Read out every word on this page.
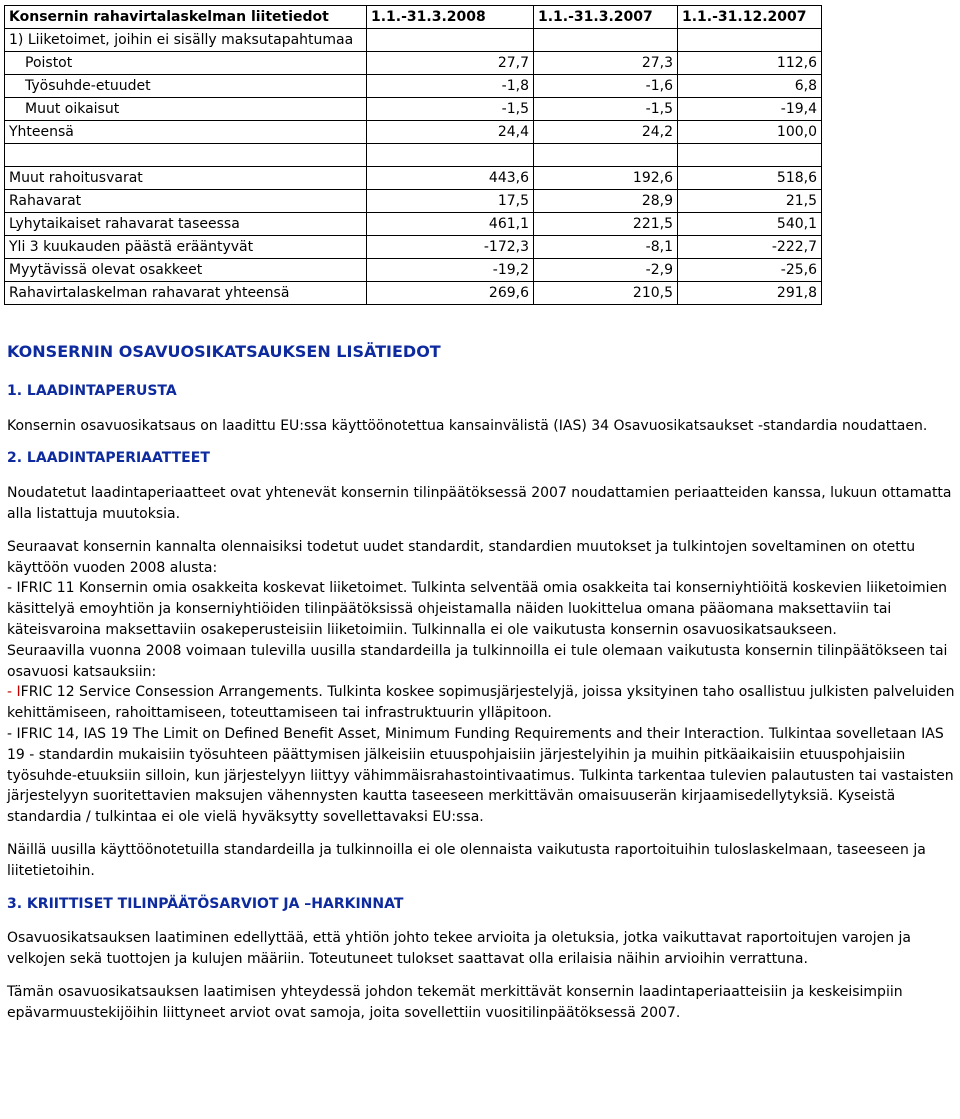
Konsernin rahavirtalaskelman liitetiedot	1.1.-31.3.2008	1.1.-31.3.2007	1.1.-31.12.2007
1) Liiketoimet, joihin ei sisälly maksutapahtumaa			
Poistot	27,7	27,3	112,6
Työsuhde-etuudet	-1,8	-1,6	6,8
Muut oikaisut	-1,5	-1,5	-19,4
Yhteensä	24,4	24,2	100,0

Muut rahoitusvarat	443,6	192,6	518,6
Rahavarat	17,5	28,9	21,5
Lyhytaikaiset rahavarat taseessa	461,1	221,5	540,1
Yli 3 kuukauden päästä erääntyvät	-172,3	-8,1	-222,7
Myytävissä olevat osakkeet	-19,2	-2,9	-25,6
Rahavirtalaskelman rahavarat yhteensä	269,6	210,5	291,8

KONSERNIN OSAVUOSIKATSAUKSEN LISÄTIEDOT

1. LAADINTAPERUSTA

Konsernin osavuosikatsaus on laadittu EU:ssa käyttöönotettua kansainvälistä (IAS) 34 Osavuosikatsaukset -standardia noudattaen.

2. LAADINTAPERIAATTEET

Noudatetut laadintaperiaatteet ovat yhtenevät konsernin tilinpäätöksessä 2007 noudattamien periaatteiden kanssa, lukuun ottamatta alla listattuja muutoksia.

Seuraavat konsernin kannalta olennaisiksi todetut uudet standardit, standardien muutokset ja tulkintojen soveltaminen on otettu käyttöön vuoden 2008 alusta:

- IFRIC 11 Konsernin omia osakkeita koskevat liiketoimet. Tulkinta selventää omia osakkeita tai konserniyhtiöitä koskevien liiketoimien käsittelyä emoyhtiön ja konserniyhtiöiden tilinpäätöksissä ohjeistamalla näiden luokittelua omana pääomana maksettaviin tai käteisvaroina maksettaviin osakeperusteisiin liiketoimiin. Tulkinnalla ei ole vaikutusta konsernin osavuosikatsaukseen.

Seuraavilla vuonna 2008 voimaan tulevilla uusilla standardeilla ja tulkinnoilla ei tule olemaan vaikutusta konsernin tilinpäätökseen tai osavuosi katsauksiin:

- IFRIC 12 Service Consession Arrangements. Tulkinta koskee sopimusjärjestelyjä, joissa yksityinen taho osallistuu julkisten palveluiden kehittämiseen, rahoittamiseen, toteuttamiseen tai infrastruktuurin ylläpitoon.

- IFRIC 14, IAS 19 The Limit on Defined Benefit Asset, Minimum Funding Requirements and their Interaction. Tulkintaa sovelletaan IAS 19 - standardin mukaisiin työsuhteen päättymisen jälkeisiin etuuspohjaisiin järjestelyihin ja muihin pitkäaikaisiin etuuspohjaisiin työsuhde-etuuksiin silloin, kun järjestelyyn liittyy vähimmäisrahastointivaatimus. Tulkinta tarkentaa tulevien palautusten tai vastaisten järjestelyyn suoritettavien maksujen vähennysten kautta taseeseen merkittävän omaisuuserän kirjaamisedellytyksiä. Kyseistä standardia / tulkintaa ei ole vielä hyväksytty sovellettavaksi EU:ssa.

Näillä uusilla käyttöönotetuilla standardeilla ja tulkinnoilla ei ole olennaista vaikutusta raportoituihin tuloslaskelmaan, taseeseen ja liitetietoihin.

3. KRIITTISET TILINPÄÄTÖSARVIOT JA –HARKINNAT

Osavuosikatsauksen laatiminen edellyttää, että yhtiön johto tekee arvioita ja oletuksia, jotka vaikuttavat raportoitujen varojen ja velkojen sekä tuottojen ja kulujen määriin. Toteutuneet tulokset saattavat olla erilaisia näihin arvioihin verrattuna.

Tämän osavuosikatsauksen laatimisen yhteydessä johdon tekemät merkittävät konsernin laadintaperiaatteisiin ja keskeisimpiin epävarmuustekijöihin liittyneet arviot ovat samoja, joita sovellettiin vuositilinpäätöksessä 2007.
